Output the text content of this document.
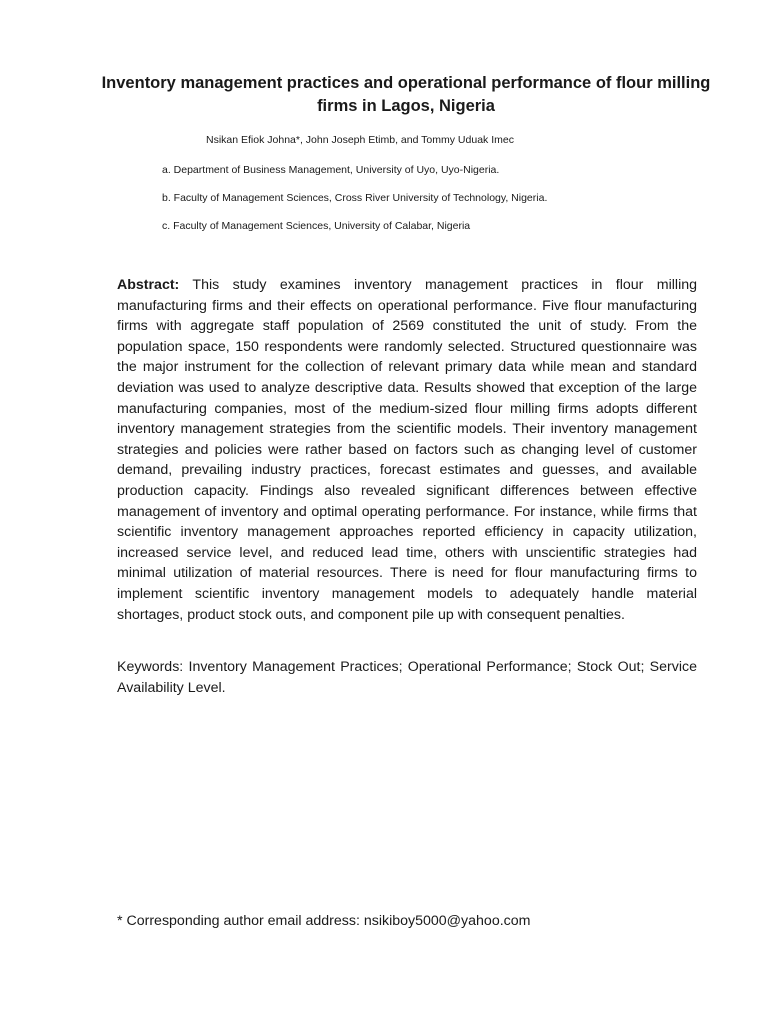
Inventory management practices and operational performance of flour milling firms in Lagos, Nigeria

Nsikan Efiok Johna*, John Joseph Etimb, and Tommy Uduak Imec

a. Department of Business Management, University of Uyo, Uyo-Nigeria.
b. Faculty of Management Sciences, Cross River University of Technology, Nigeria.
c. Faculty of Management Sciences, University of Calabar, Nigeria

Abstract: This study examines inventory management practices in flour milling manufacturing firms and their effects on operational performance. Five flour manufacturing firms with aggregate staff population of 2569 constituted the unit of study. From the population space, 150 respondents were randomly selected. Structured questionnaire was the major instrument for the collection of relevant primary data while mean and standard deviation was used to analyze descriptive data. Results showed that exception of the large manufacturing companies, most of the medium-sized flour milling firms adopts different inventory management strategies from the scientific models. Their inventory management strategies and policies were rather based on factors such as changing level of customer demand, prevailing industry practices, forecast estimates and guesses, and available production capacity. Findings also revealed significant differences between effective management of inventory and optimal operating performance. For instance, while firms that scientific inventory management approaches reported efficiency in capacity utilization, increased service level, and reduced lead time, others with unscientific strategies had minimal utilization of material resources. There is need for flour manufacturing firms to implement scientific inventory management models to adequately handle material shortages, product stock outs, and component pile up with consequent penalties.

Keywords: Inventory Management Practices; Operational Performance; Stock Out; Service Availability Level.

* Corresponding author email address: nsikiboy5000@yahoo.com
